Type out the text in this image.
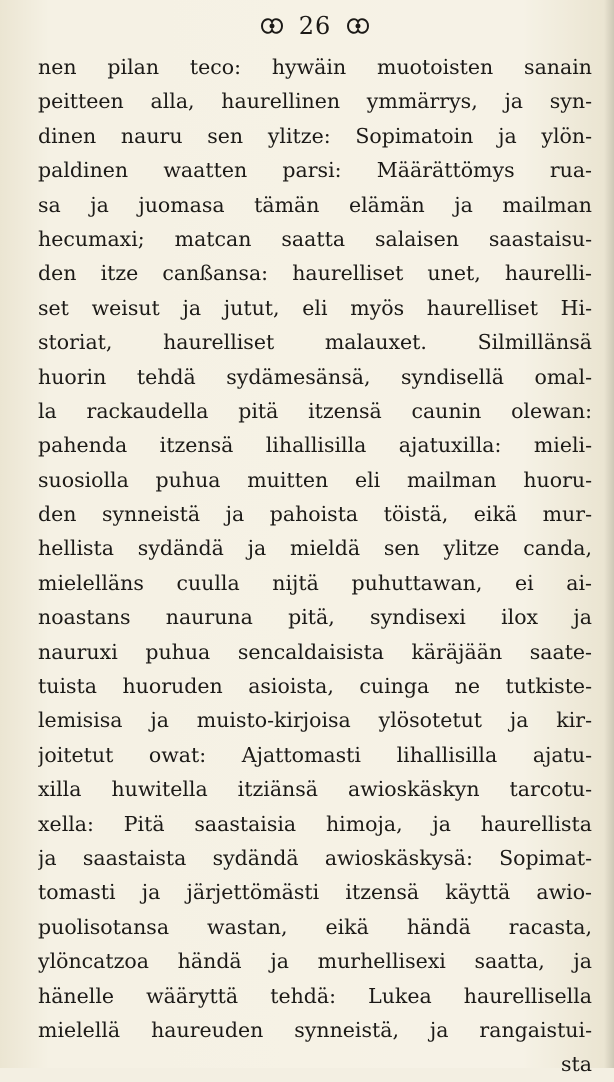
26
nen pilan teco: hywäin muotoisten sanain
peitteen alla, haurellinen ymmärrys, ja syn-
dinen nauru sen ylitze: Sopimatoin ja ylön-
paldinen waatten parsi: Määrättömys rua-
sa ja juomasa tämän elämän ja mailman
hecumaxi; matcan saatta salaisen saastaisu-
den itze canßansa: haurelliset unet, haurelli-
set weisut ja jutut, eli myös haurelliset Hi-
storiat, haurelliset malauxet. Silmillänsä
huorin tehdä sydämesänsä, syndisellä omal-
la rackaudella pitä itzensä caunin olewan:
pahenda itzensä lihallisilla ajatuxilla: mieli-
suosiolla puhua muitten eli mailman huoru-
den synneistä ja pahoista töistä, eikä mur-
hellista sydändä ja mieldä sen ylitze canda,
mielelläns cuulla nijtä puhuttawan, ei ai-
noastans nauruna pitä, syndisexi ilox ja
nauruxi puhua sencaldaisista käräjään saate-
tuista huoruden asioista, cuinga ne tutkiste-
lemisisa ja muisto-kirjoisa ylösotetut ja kir-
joitetut owat: Ajattomasti lihallisilla ajatu-
xilla huwitella itziänsä awioskäskyn tarcotu-
xella: Pitä saastaisia himoja, ja haurellista
ja saastaista sydändä awioskäskysä: Sopimat-
tomasti ja järjettömästi itzensä käyttä awio-
puolisotansa wastan, eikä händä racasta,
ylöncatzoa händä ja murhellisexi saatta, ja
hänelle wääryttä tehdä: Lukea haurellisella
mielellä haureuden synneistä, ja rangaistui-
sta
